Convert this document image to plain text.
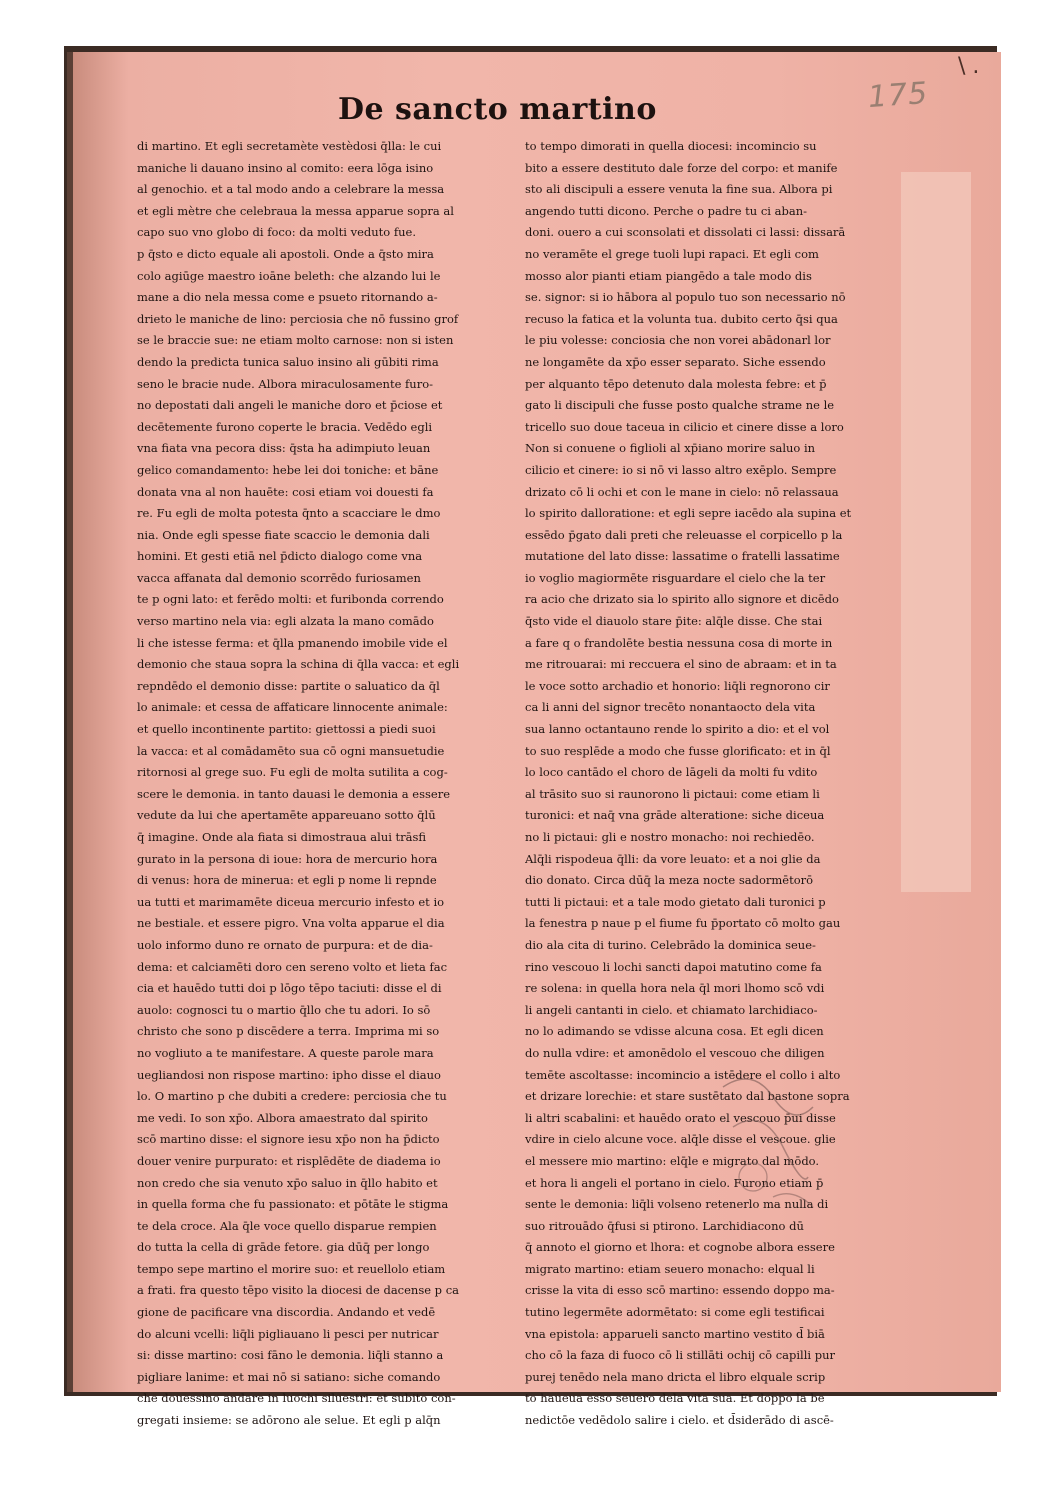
\ .
175
De sancto martino
di martino. Et egli secretamète vestèdosi q̄lla: le cui
maniche li dauano insino al comito: eera lōga isino
al genochio. et a tal modo ando a celebrare la messa
et egli mètre che celebraua la messa apparue sopra al
capo suo vno globo di foco: da molti veduto fue.
p q̄sto e dicto equale ali apostoli. Onde a q̄sto mira
colo agiūge maestro ioāne beleth: che alzando lui le
mane a dio nela messa come e psueto ritornando a-
drieto le maniche de lino: perciosia che nō fussino grof
se le braccie sue: ne etiam molto carnose: non si isten
dendo la predicta tunica saluo insino ali gūbiti rima
seno le bracie nude. Albora miraculosamente furo-
no depostati dali angeli le maniche doro et p̄ciose et
decētemente furono coperte le bracia. Vedēdo egli
vna fiata vna pecora diss: q̄sta ha adimpiuto leuan
gelico comandamento: hebe lei doi toniche: et bāne
donata vna al non hauēte: cosi etiam voi douesti fa
re. Fu egli de molta potesta q̄nto a scacciare le dmo
nia. Onde egli spesse fiate scaccio le demonia dali
homini. Et gesti etiā nel p̄dicto dialogo come vna
vacca affanata dal demonio scorrēdo furiosamen
te p ogni lato: et ferēdo molti: et furibonda correndo
verso martino nela via: egli alzata la mano comādo
li che istesse ferma: et q̄lla pmanendo imobile vide el
demonio che staua sopra la schina di q̄lla vacca: et egli
repndēdo el demonio disse: partite o saluatico da q̄l
lo animale: et cessa de affaticare linnocente animale:
et quello incontinente partito: giettossi a piedi suoi
la vacca: et al comādamēto sua cō ogni mansuetudie
ritornosi al grege suo. Fu egli de molta sutilita a cog-
scere le demonia. in tanto dauasi le demonia a essere
vedute da lui che apertamēte appareuano sotto q̄lū
q̄ imagine. Onde ala fiata si dimostraua alui trāsfi
gurato in la persona di ioue: hora de mercurio hora
di venus: hora de minerua: et egli p nome li repnde
ua tutti et marimamēte diceua mercurio infesto et io
ne bestiale. et essere pigro. Vna volta apparue el dia
uolo informo duno re ornato de purpura: et de dia-
dema: et calciamēti doro cen sereno volto et lieta fac
cia et hauēdo tutti doi p lōgo tēpo taciuti: disse el di
auolo: cognosci tu o martio q̄llo che tu adori. Io sō
christo che sono p discēdere a terra. Imprima mi so
no vogliuto a te manifestare. A queste parole mara
uegliandosi non rispose martino: ipho disse el diauo
lo. O martino p che dubiti a credere: perciosia che tu
me vedi. Io son xp̄o. Albora amaestrato dal spirito
scō martino disse: el signore iesu xp̄o non ha p̄dicto
douer venire purpurato: et risplēdēte de diadema io
non credo che sia venuto xp̄o saluo in q̄llo habito et
in quella forma che fu passionato: et pōtāte le stigma
te dela croce. Ala q̄le voce quello disparue rempien
do tutta la cella di grāde fetore. gia dūq̄ per longo
tempo sepe martino el morire suo: et reuellolo etiam
a frati. fra questo tēpo visito la diocesi de dacense p ca
gione de pacificare vna discordia. Andando et vedē
do alcuni vcelli: liq̄li pigliauano li pesci per nutricar
si: disse martino: cosi fāno le demonia. liq̄li stanno a
pigliare lanime: et mai nō si satiano: siche comando
che douessino andare in luochi siluestri: et subito con-
gregati insieme: se adōrono ale selue. Et egli p alq̄n
to tempo dimorati in quella diocesi: incomincio su
bito a essere destituto dale forze del corpo: et manife
sto ali discipuli a essere venuta la fine sua. Albora pi
angendo tutti dicono. Perche o padre tu ci aban-
doni. ouero a cui sconsolati et dissolati ci lassi: dissarā
no veramēte el grege tuoli lupi rapaci. Et egli com
mosso alor pianti etiam piangēdo a tale modo dis
se. signor: si io hābora al populo tuo son necessario nō
recuso la fatica et la volunta tua. dubito certo q̄si qua
le piu volesse: conciosia che non vorei abādonarl lor
ne longamēte da xp̄o esser separato. Siche essendo
per alquanto tēpo detenuto dala molesta febre: et p̄
gato li discipuli che fusse posto qualche strame ne le
tricello suo doue taceua in cilicio et cinere disse a loro
Non si conuene o figlioli al xp̄iano morire saluo in
cilicio et cinere: io si nō vi lasso altro exēplo. Sempre
drizato cō li ochi et con le mane in cielo: nō relassaua
lo spirito dalloratione: et egli sepre iacēdo ala supina et
essēdo p̄gato dali preti che releuasse el corpicello p la
mutatione del lato disse: lassatime o fratelli lassatime
io voglio magiormēte risguardare el cielo che la ter
ra acio che drizato sia lo spirito allo signore et dicēdo
q̄sto vide el diauolo stare p̄ite: alq̄le disse. Che stai
a fare q o frandolēte bestia nessuna cosa di morte in
me ritrouarai: mi reccuera el sino de abraam: et in ta
le voce sotto archadio et honorio: liq̄li regnorono cir
ca li anni del signor trecēto nonantaocto dela vita
sua lanno octantauno rende lo spirito a dio: et el vol
to suo resplēde a modo che fusse glorificato: et in q̄l
lo loco cantādo el choro de lāgeli da molti fu vdito
al trāsito suo si raunorono li pictaui: come etiam li
turonici: et naq̄ vna grāde alteratione: siche diceua
no li pictaui: gli e nostro monacho: noi rechiedēo.
Alq̄li rispodeua q̄lli: da vore leuato: et a noi glie da
dio donato. Circa dūq̄ la meza nocte sadormētorō
tutti li pictaui: et a tale modo gietato dali turonici p
la fenestra p naue p el fiume fu p̄portato cō molto gau
dio ala cita di turino. Celebrādo la dominica seue-
rino vescouo li lochi sancti dapoi matutino come fa
re solena: in quella hora nela q̄l mori lhomo scō vdi
li angeli cantanti in cielo. et chiamato larchidiaco-
no lo adimando se vdisse alcuna cosa. Et egli dicen
do nulla vdire: et amonēdolo el vescouo che diligen
temēte ascoltasse: incomincio a istēdere el collo i alto
et drizare lorechie: et stare sustētato dal bastone sopra
li altri scabalini: et hauēdo orato el vescouo p̄ui disse
vdire in cielo alcune voce. alq̄le disse el vescoue. glie
el messere mio martino: elq̄le e migrato dal mōdo.
et hora li angeli el portano in cielo. Furono etiam p̄
sente le demonia: liq̄li volseno retenerlo ma nulla di
suo ritrouādo q̄fusi si ptirono. Larchidiacono dū
q̄ annoto el giorno et lhora: et cognobe albora essere
migrato martino: etiam seuero monacho: elqual li
crisse la vita di esso scō martino: essendo doppo ma-
tutino legermēte adormētato: si come egli testificai
vna epistola: apparueli sancto martino vestito d̄ biā
cho cō la faza di fuoco cō li stillāti ochij cō capilli pur
purej tenēdo nela mano dricta el libro elquale scrip
to haueua esso seuero dela vita sua. Et doppo la be
nedictōe vedēdolo salire i cielo. et d̄siderādo di ascē-
